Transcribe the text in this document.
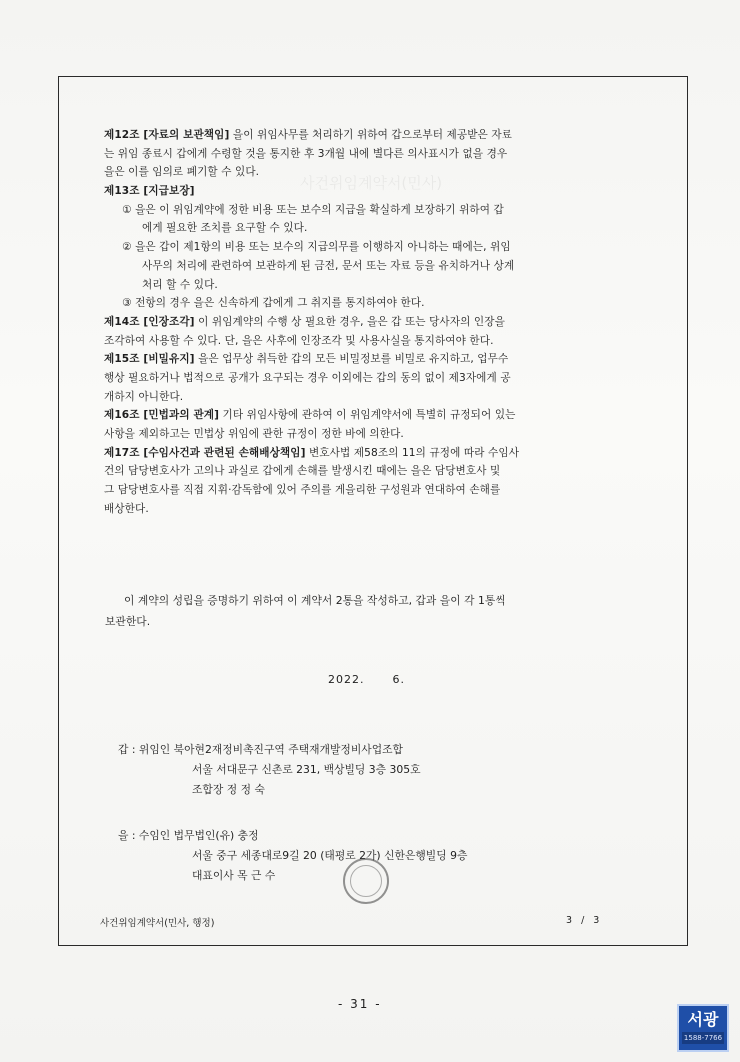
사건위임계약서(민사)
제12조 [자료의 보관책임] 을이 위임사무를 처리하기 위하여 갑으로부터 제공받은 자료
는 위임 종료시 갑에게 수령할 것을 통지한 후 3개월 내에 별다른 의사표시가 없을 경우
을은 이를 임의로 폐기할 수 있다.
제13조 [지급보장]
① 을은 이 위임계약에 정한 비용 또는 보수의 지급을 확실하게 보장하기 위하여 갑
에게 필요한 조치를 요구할 수 있다.
② 을은 갑이 제1항의 비용 또는 보수의 지급의무를 이행하지 아니하는 때에는, 위임
사무의 처리에 관련하여 보관하게 된 금전, 문서 또는 자료 등을 유치하거나 상계
처리 할 수 있다.
③ 전항의 경우 을은 신속하게 갑에게 그 취지를 통지하여야 한다.
제14조 [인장조각] 이 위임계약의 수행 상 필요한 경우, 을은 갑 또는 당사자의 인장을
조각하여 사용할 수 있다. 단, 을은 사후에 인장조각 및 사용사실을 통지하여야 한다.
제15조 [비밀유지] 을은 업무상 취득한 갑의 모든 비밀정보를 비밀로 유지하고, 업무수
행상 필요하거나 법적으로 공개가 요구되는 경우 이외에는 갑의 동의 없이 제3자에게 공
개하지 아니한다.
제16조 [민법과의 관계] 기타 위임사항에 관하여 이 위임계약서에 특별히 규정되어 있는
사항을 제외하고는 민법상 위임에 관한 규정이 정한 바에 의한다.
제17조 [수임사건과 관련된 손해배상책임] 변호사법 제58조의 11의 규정에 따라 수임사
건의 담당변호사가 고의나 과실로 갑에게 손해를 발생시킨 때에는 을은 담당변호사 및
그 담당변호사를 직접 지휘·감독함에 있어 주의를 게을리한 구성원과 연대하여 손해를
배상한다.
이 계약의 성립을 증명하기 위하여 이 계약서 2통을 작성하고, 갑과 을이 각 1통씩
보관한다.
2022.	6.
갑 : 위임인 북아현2재정비촉진구역 주택재개발정비사업조합
서울 서대문구 신촌로 231, 백상빌딩 3층 305호
조합장 정 정 숙
을 : 수임인 법무법인(유) 충정
서울 중구 세종대로9길 20 (태평로 2가) 신한은행빌딩 9층
대표이사 목 근 수
사건위임계약서(민사, 행정)	3 / 3
- 31 -
서광
1588-7766
